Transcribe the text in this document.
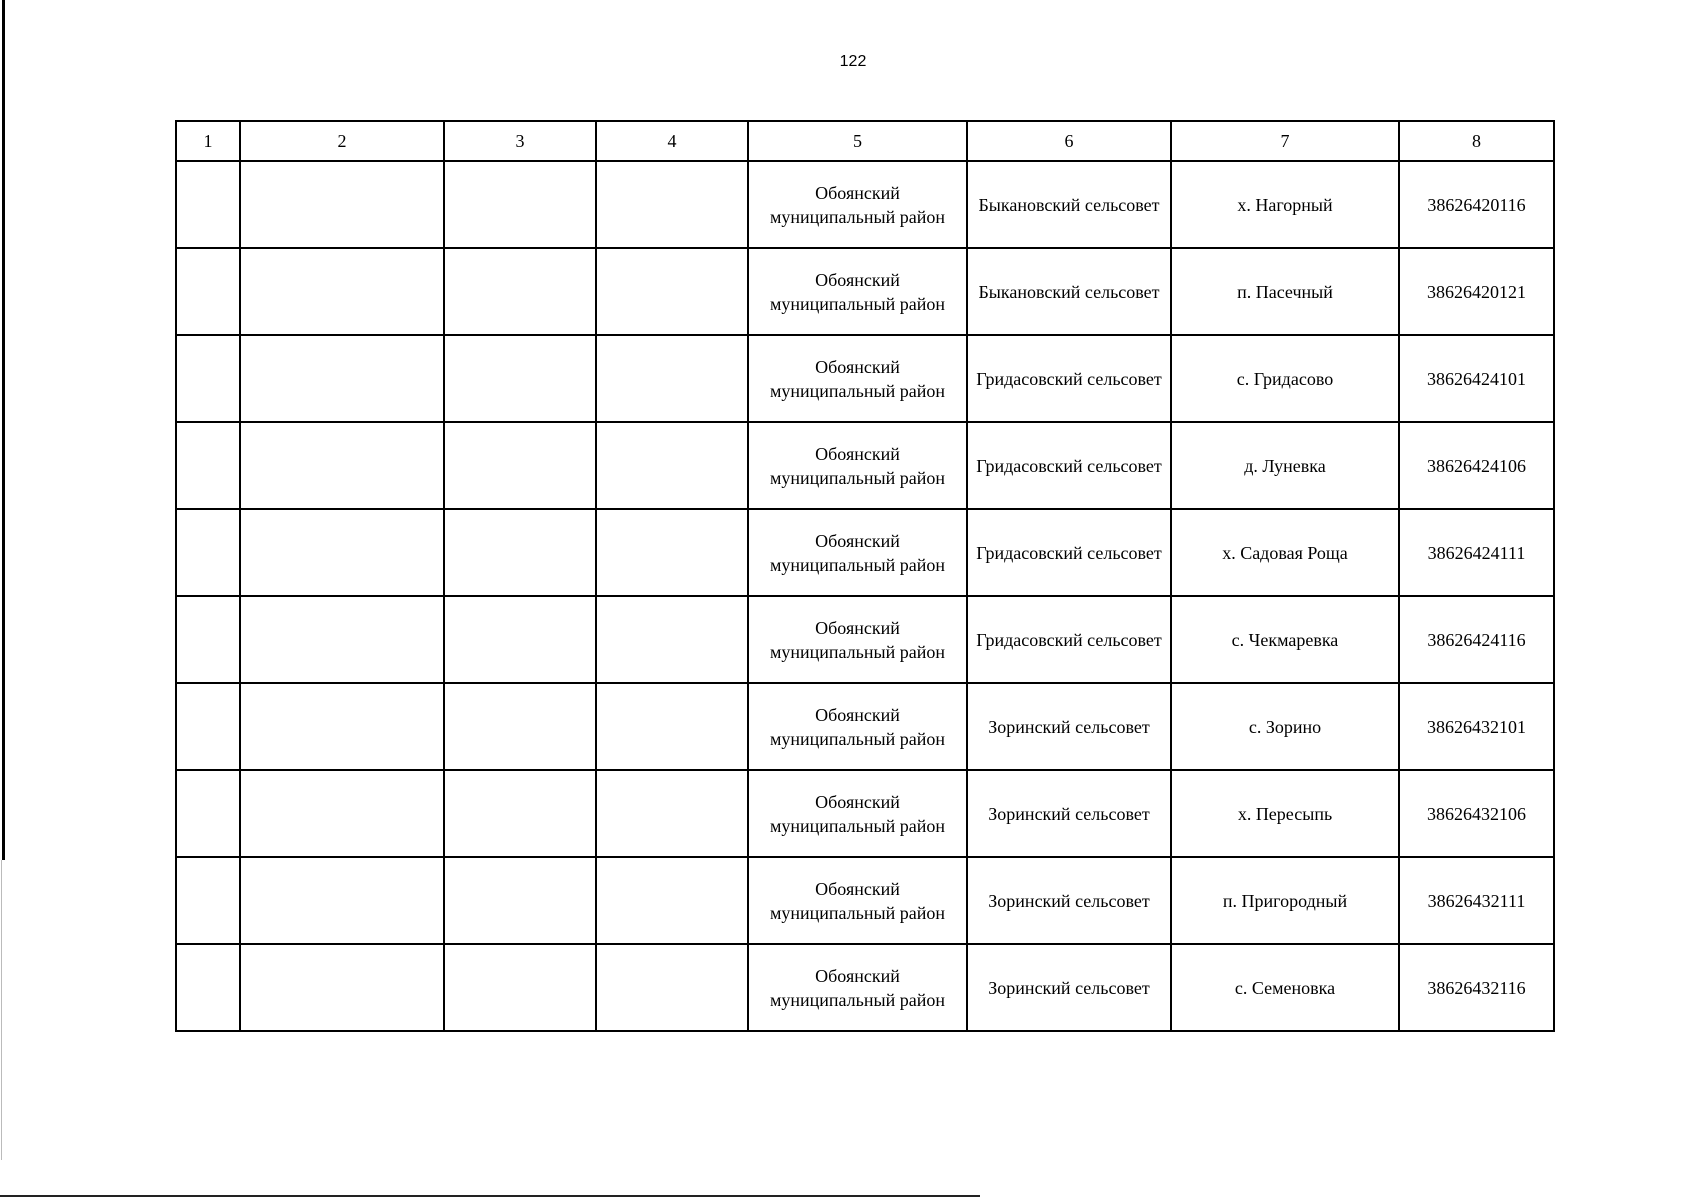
122
1	2	3	4	5	6	7	8
				Обоянский муниципальный район	Быкановский сельсовет	х. Нагорный	38626420116
				Обоянский муниципальный район	Быкановский сельсовет	п. Пасечный	38626420121
				Обоянский муниципальный район	Гридасовский сельсовет	с. Гридасово	38626424101
				Обоянский муниципальный район	Гридасовский сельсовет	д. Луневка	38626424106
				Обоянский муниципальный район	Гридасовский сельсовет	х. Садовая Роща	38626424111
				Обоянский муниципальный район	Гридасовский сельсовет	с. Чекмаревка	38626424116
				Обоянский муниципальный район	Зоринский сельсовет	с. Зорино	38626432101
				Обоянский муниципальный район	Зоринский сельсовет	х. Пересыпь	38626432106
				Обоянский муниципальный район	Зоринский сельсовет	п. Пригородный	38626432111
				Обоянский муниципальный район	Зоринский сельсовет	с. Семеновка	38626432116
